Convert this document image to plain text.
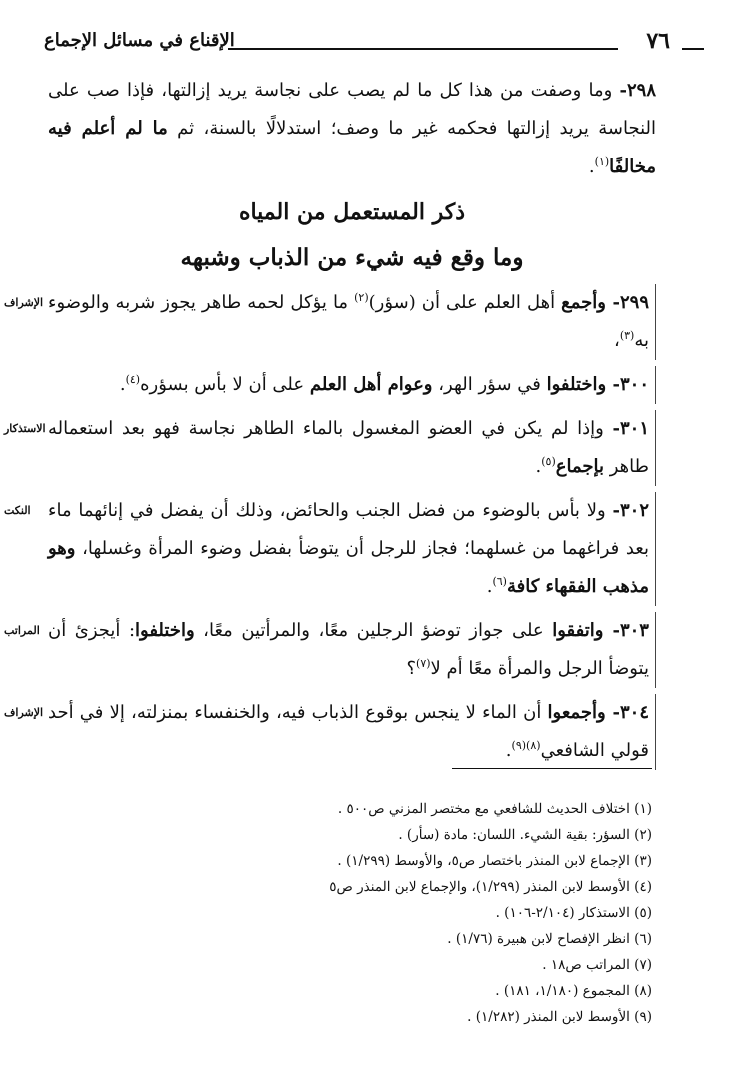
٧٦
الإقناع في مسائل الإجماع

٢٩٨- وما وصفت من هذا كل ما لم يصب على نجاسة يريد إزالتها، فإذا صب على النجاسة يريد إزالتها فحكمه غير ما وصف؛ استدلالًا بالسنة، ثم ما لم أعلم فيه مخالفًا$^{(١)}$.

ذكر المستعمل من المياه
وما وقع فيه شيء من الذباب وشبهه

الإشراف	٢٩٩- وأجمع أهل العلم على أن (سؤر)$^{(٢)}$ ما يؤكل لحمه طاهر يجوز شربه والوضوء به$^{(٣)}$،

٣٠٠- واختلفوا في سؤر الهر، وعوام أهل العلم على أن لا بأس بسؤره$^{(٤)}$.

الاستذكار	٣٠١- وإذا لم يكن في العضو المغسول بالماء الطاهر نجاسة فهو بعد استعماله طاهر بإجماع$^{(٥)}$.

النكت	٣٠٢- ولا بأس بالوضوء من فضل الجنب والحائض، وذلك أن يفضل في إنائهما ماء بعد فراغهما من غسلهما؛ فجاز للرجل أن يتوضأ بفضل وضوء المرأة وغسلها، وهو مذهب الفقهاء كافة$^{(٦)}$.

المراتب	٣٠٣- واتفقوا على جواز توضؤ الرجلين معًا، والمرأتين معًا، واختلفوا: أيجزئ أن يتوضأ الرجل والمرأة معًا أم لا$^{(٧)}$؟

الإشراف	٣٠٤- وأجمعوا أن الماء لا ينجس بوقوع الذباب فيه، والخنفساء بمنزلته، إلا في أحد قولي الشافعي$^{(٨)(٩)}$.

(١) اختلاف الحديث للشافعي مع مختصر المزني ص٥٠٠ .
(٢) السؤر: بقية الشيء. اللسان: مادة (سأر) .
(٣) الإجماع لابن المنذر باختصار ص٥، والأوسط (١/٢٩٩) .
(٤) الأوسط لابن المنذر (١/٢٩٩)، والإجماع لابن المنذر ص٥
(٥) الاستذكار (٢/١٠٤-١٠٦) .
(٦) انظر الإفصاح لابن هبيرة (١/٧٦) .
(٧) المراتب ص١٨ .
(٨) المجموع (١/١٨٠، ١٨١) .
(٩) الأوسط لابن المنذر (١/٢٨٢) .
